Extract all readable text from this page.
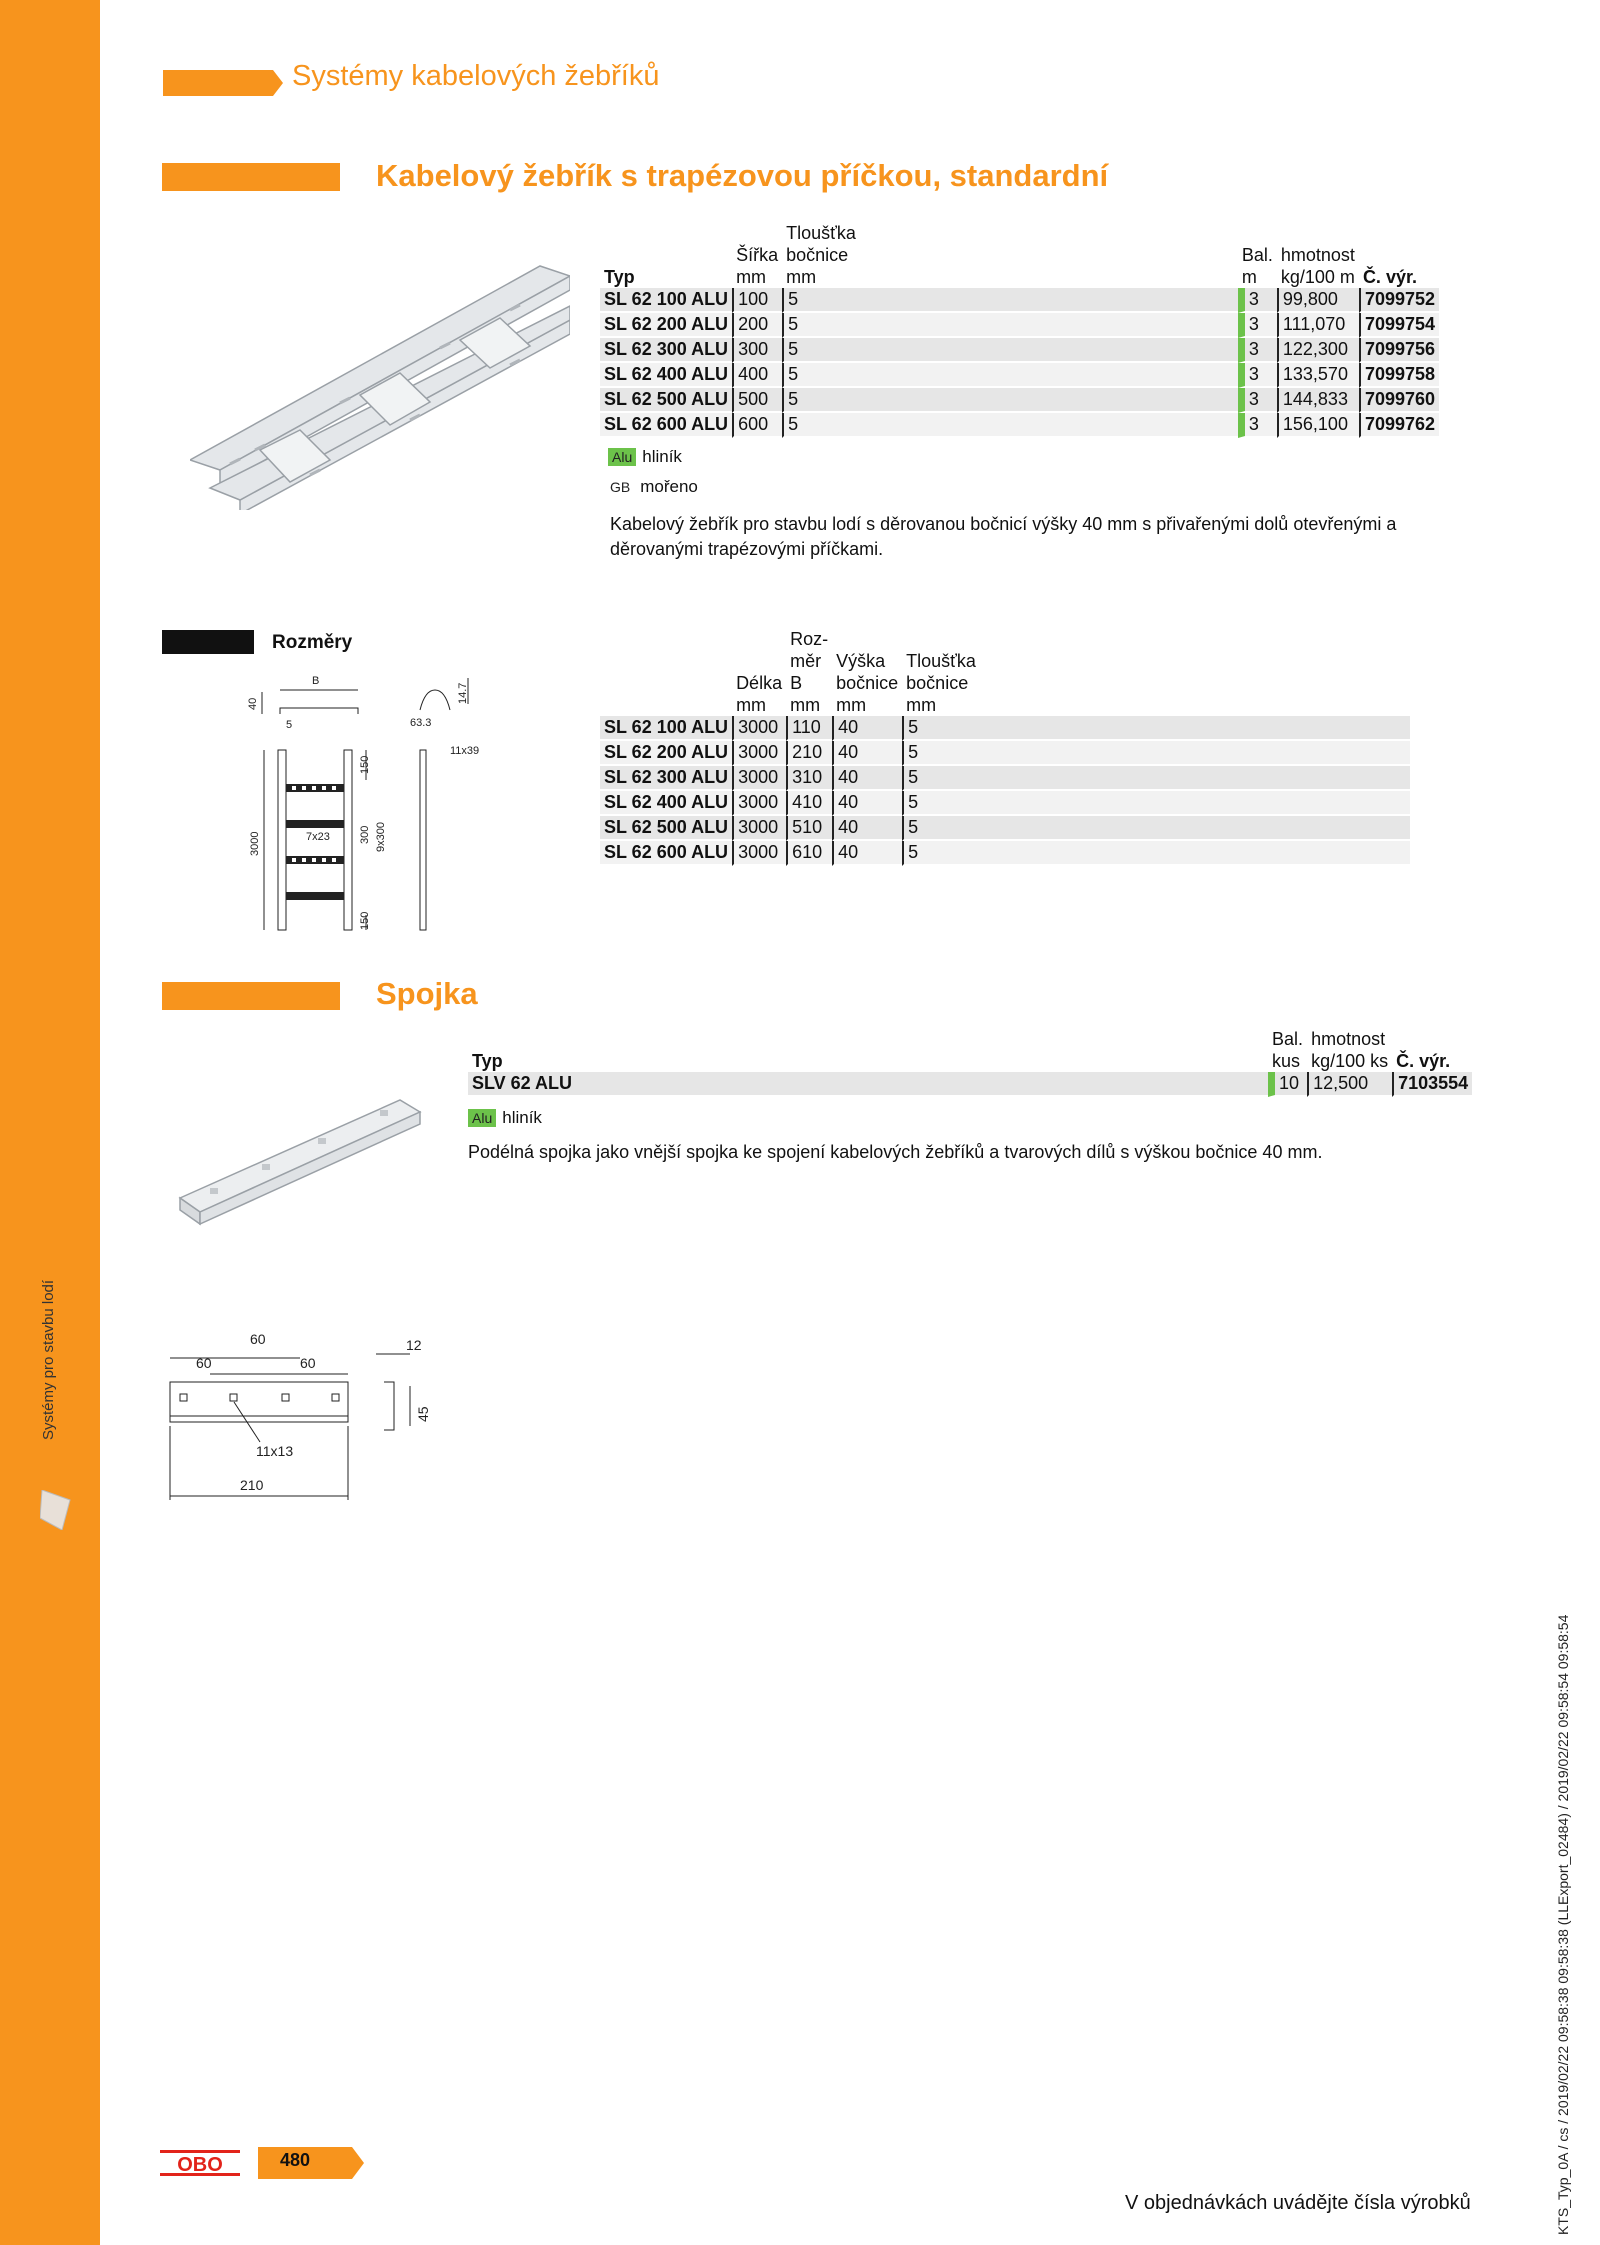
Systémy pro stavbu lodí
Systémy kabelových žebříků
Kabelový žebřík s trapézovou příčkou, standardní
		Tloušťka				
	Šířka	bočnice		Bal.	hmotnost	
Typ	mm	mm		m	kg/100 m	Č. výr.
SL 62 100 ALU	100	5		3	99,800	7099752
SL 62 200 ALU	200	5		3	111,070	7099754
SL 62 300 ALU	300	5		3	122,300	7099756
SL 62 400 ALU	400	5		3	133,570	7099758
SL 62 500 ALU	500	5		3	144,833	7099760
SL 62 600 ALU	600	5		3	156,100	7099762
Alu hliník
GB mořeno
Kabelový žebřík pro stavbu lodí s děrovanou bočnicí výšky 40 mm s přivařenými dolů otevřenými a děrovanými trapézovými příčkami.
Rozměry
40
B
5
14.7
63.3
11x39
150
3000	7x23	300 9x300
150
		Roz-		
		měr	Výška	Tloušťka
	Délka	B	bočnice	bočnice
	mm	mm	mm	mm
SL 62 100 ALU	3000	110	40	5
SL 62 200 ALU	3000	210	40	5
SL 62 300 ALU	3000	310	40	5
SL 62 400 ALU	3000	410	40	5
SL 62 500 ALU	3000	510	40	5
SL 62 600 ALU	3000	610	40	5
Spojka
		Bal.	hmotnost	
Typ		kus	kg/100 ks	Č. výr.
SLV 62 ALU		10	12,500	7103554
Alu hliník
Podélná spojka jako vnější spojka ke spojení kabelových žebříků a tvarových dílů s výškou bočnice 40 mm.
60
60	60
12
45
11x13
210
OBO	480
V objednávkách uvádějte čísla výrobků	KTS_Typ_0A / cs / 2019/02/22 09:58:38 09:58:38 (LLExport_02484) / 2019/02/22 09:58:54 09:58:54
